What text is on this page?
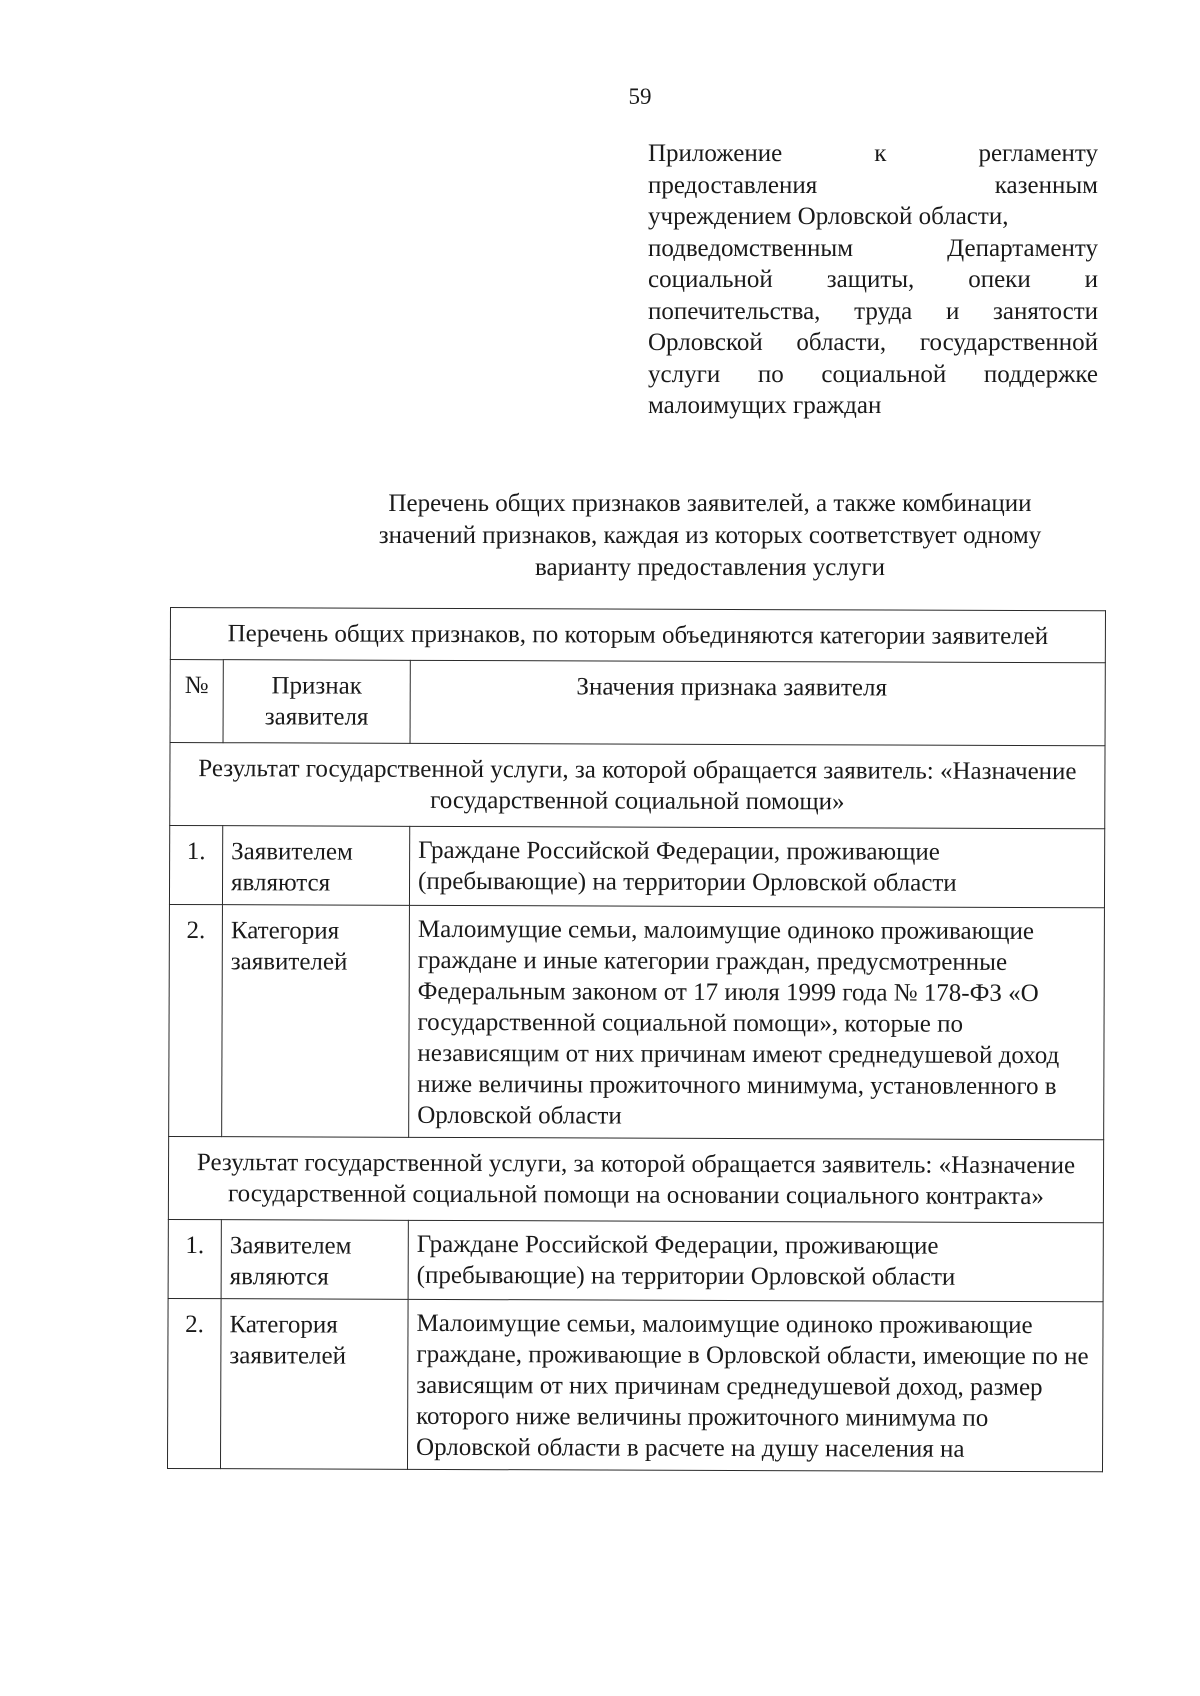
59
Приложение к регламенту
предоставления казенным
учреждением Орловской области,
подведомственным Департаменту
социальной защиты, опеки и
попечительства, труда и занятости
Орловской области, государственной
услуги по социальной поддержке
малоимущих граждан
Перечень общих признаков заявителей, а также комбинации
значений признаков, каждая из которых соответствует одному
варианту предоставления услуги
Перечень общих признаков, по которым объединяются категории заявителей		
№	Признак заявителя	Значения признака заявителя
Результат государственной услуги, за которой обращается заявитель: «Назначение государственной социальной помощи»		
1.	Заявителем являются	Граждане Российской Федерации, проживающие (пребывающие) на территории Орловской области
2.	Категория заявителей	Малоимущие семьи, малоимущие одиноко проживающие граждане и иные категории граждан, предусмотренные Федеральным законом от 17 июля 1999 года № 178-ФЗ «О государственной социальной помощи», которые по независящим от них причинам имеют среднедушевой доход ниже величины прожиточного минимума, установленного в Орловской области
Результат государственной услуги, за которой обращается заявитель: «Назначение государственной социальной помощи на основании социального контракта»		
1.	Заявителем являются	Граждане Российской Федерации, проживающие (пребывающие) на территории Орловской области
2.	Категория заявителей	Малоимущие семьи, малоимущие одиноко проживающие граждане, проживающие в Орловской области, имеющие по не зависящим от них причинам среднедушевой доход, размер которого ниже величины прожиточного минимума по Орловской области в расчете на душу населения на
